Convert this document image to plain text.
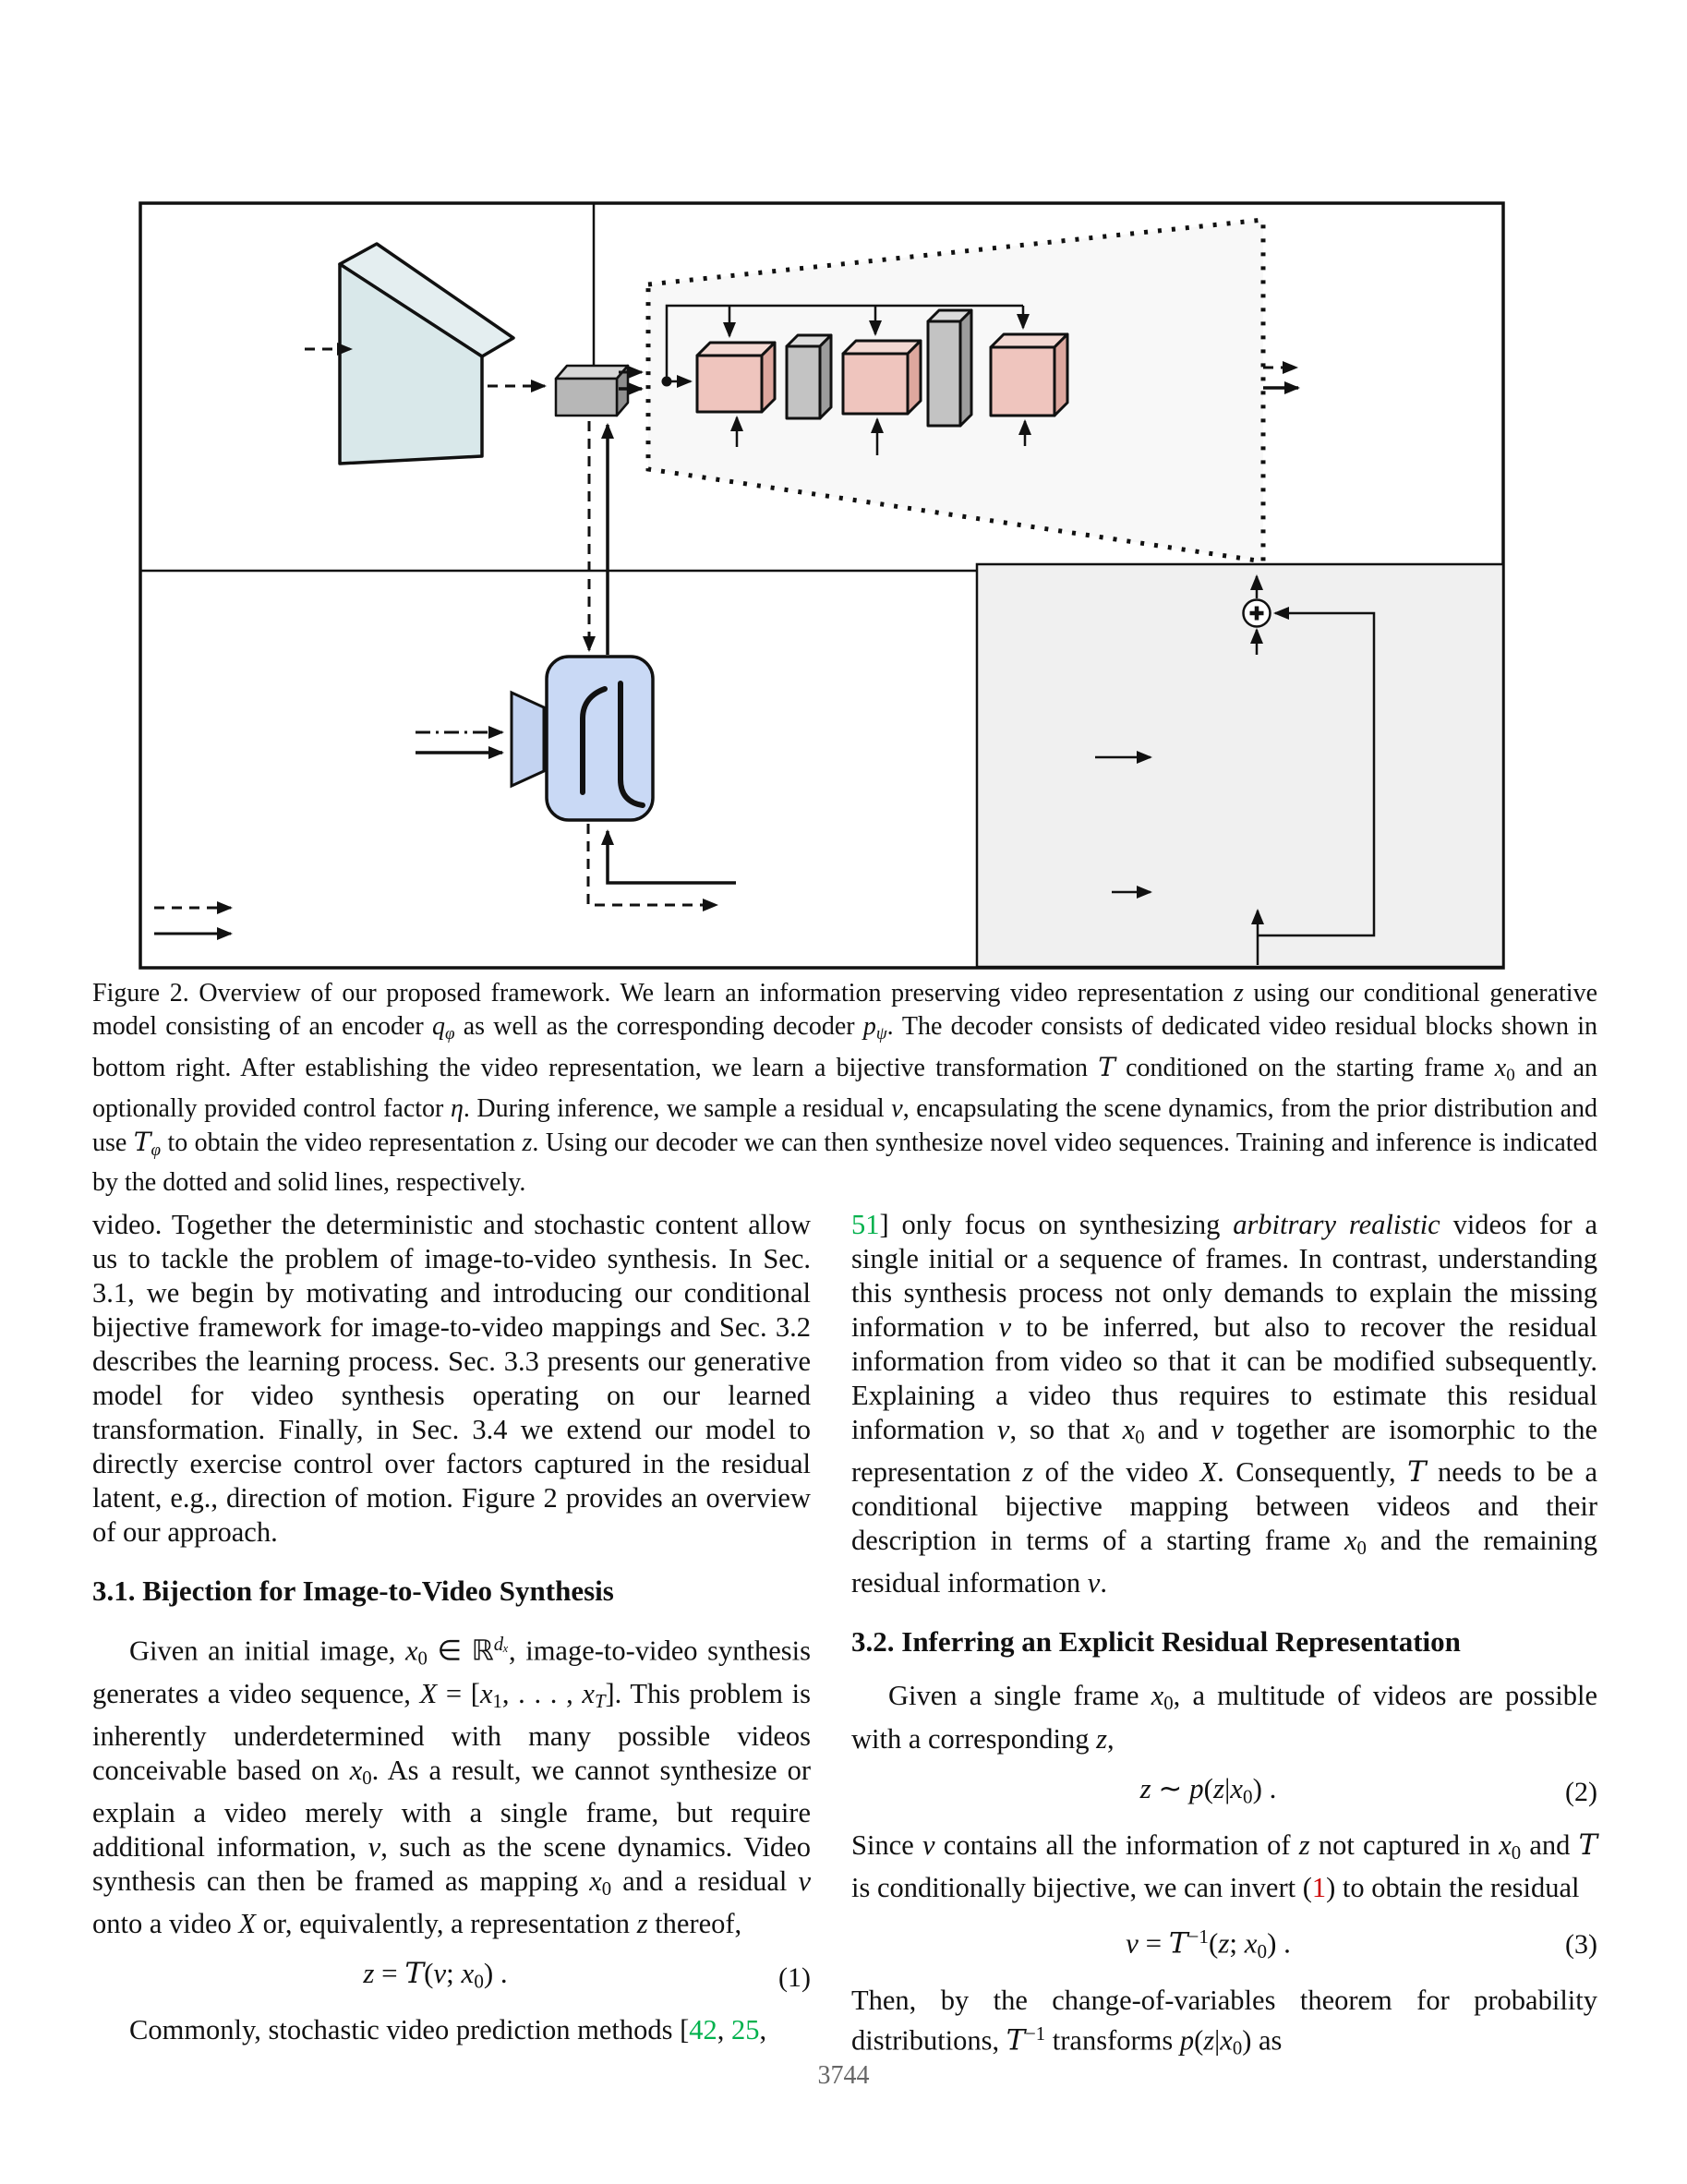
Figure 2. Overview of our proposed framework. We learn an information preserving video representation z using our conditional generative model consisting of an encoder $q_\varphi$ as well as the corresponding decoder $p_\psi$. The decoder consists of dedicated video residual blocks shown in bottom right. After establishing the video representation, we learn a bijective transformation T conditioned on the starting frame $x_0$ and an optionally provided control factor η. During inference, we sample a residual ν, encapsulating the scene dynamics, from the prior distribution and use $T_\varphi$ to obtain the video representation z. Using our decoder we can then synthesize novel video sequences. Training and inference is indicated by the dotted and solid lines, respectively.

video. Together the deterministic and stochastic content allow us to tackle the problem of image-to-video synthesis. In Sec. 3.1, we begin by motivating and introducing our conditional bijective framework for image-to-video mappings and Sec. 3.2 describes the learning process. Sec. 3.3 presents our generative model for video synthesis operating on our learned transformation. Finally, in Sec. 3.4 we extend our model to directly exercise control over factors captured in the residual latent, e.g., direction of motion. Figure 2 provides an overview of our approach.

3.1. Bijection for Image-to-Video Synthesis

Given an initial image, $x_0$ ∈ ℝ$^{d_x}$, image-to-video synthesis generates a video sequence, $X = [x_1$, . . . , $x_T$]. This problem is inherently underdetermined with many possible videos conceivable based on $x_0$. As a result, we cannot synthesize or explain a video merely with a single frame, but require additional information, ν, such as the scene dynamics. Video synthesis can then be framed as mapping $x_0$ and a residual ν onto a video X or, equivalently, a representation z thereof,

z = T(ν; $x_0$) .	(1)

Commonly, stochastic video prediction methods [42, 25,

51] only focus on synthesizing arbitrary realistic videos for a single initial or a sequence of frames. In contrast, understanding this synthesis process not only demands to explain the missing information ν to be inferred, but also to recover the residual information from video so that it can be modified subsequently. Explaining a video thus requires to estimate this residual information ν, so that $x_0$ and ν together are isomorphic to the representation z of the video X. Consequently, T needs to be a conditional bijective mapping between videos and their description in terms of a starting frame $x_0$ and the remaining residual information ν.

3.2. Inferring an Explicit Residual Representation

Given a single frame $x_0$, a multitude of videos are possible with a corresponding z,

z ∼ $p(z|x_0)$ .	(2)

Since ν contains all the information of z not captured in $x_0$ and T is conditionally bijective, we can invert (1) to obtain the residual

$\nu = T^{-1}(z$; $x_0$) .	(3)

Then, by the change-of-variables theorem for probability distributions, $T^{-1}$ transforms $p(z|x_0)$ as

3744
